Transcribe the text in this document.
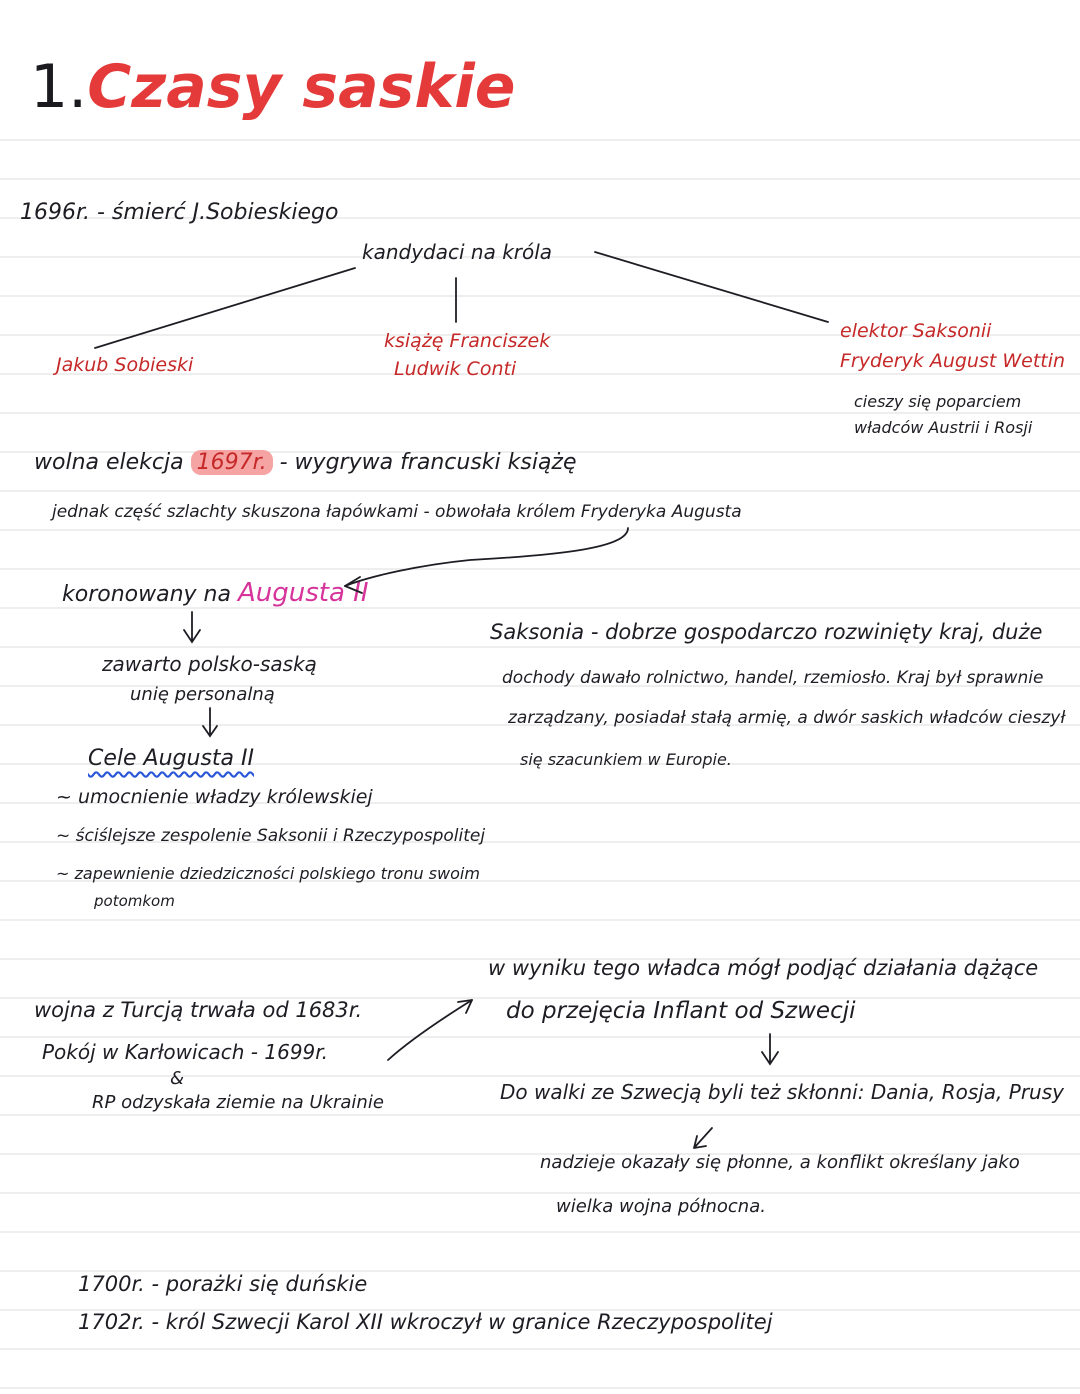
1.Czasy saskie
1696r. - śmierć J.Sobieskiego
kandydaci na króla
Jakub Sobieski
książę Franciszek
Ludwik Conti
elektor Saksonii
Fryderyk August Wettin
cieszy się poparciem
władców Austrii i Rosji
wolna elekcja 1697r. - wygrywa francuski książę
jednak część szlachty skuszona łapówkami - obwołała królem Fryderyka Augusta
koronowany na Augusta II
zawarto polsko-saską
unię personalną
Cele Augusta II
~ umocnienie władzy królewskiej
~ ściślejsze zespolenie Saksonii i Rzeczypospolitej
~ zapewnienie dziedziczności polskiego tronu swoim
potomkom
Saksonia - dobrze gospodarczo rozwinięty kraj, duże
dochody dawało rolnictwo, handel, rzemiosło. Kraj był sprawnie
zarządzany, posiadał stałą armię, a dwór saskich władców cieszył
się szacunkiem w Europie.
wojna z Turcją trwała od 1683r.
Pokój w Karłowicach - 1699r.
&
RP odzyskała ziemie na Ukrainie
w wyniku tego władca mógł podjąć działania dążące
do przejęcia Inflant od Szwecji
Do walki ze Szwecją byli też skłonni: Dania, Rosja, Prusy
nadzieje okazały się płonne, a konflikt określany jako
wielka wojna północna.
1700r. - porażki się duńskie
1702r. - król Szwecji Karol XII wkroczył w granice Rzeczypospolitej
